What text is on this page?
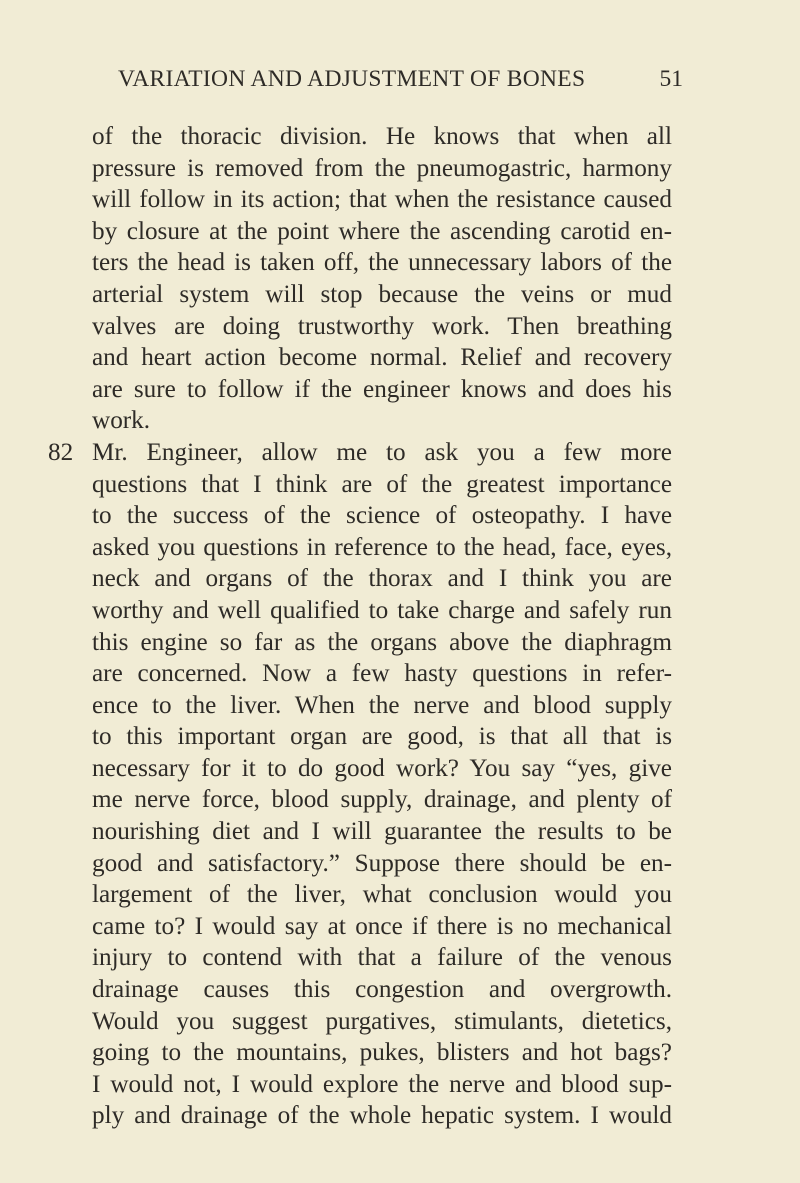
VARIATION AND ADJUSTMENT OF BONES	51
of the thoracic division. He knows that when all
pressure is removed from the pneumogastric, harmony
will follow in its action; that when the resistance caused
by closure at the point where the ascending carotid en-
ters the head is taken off, the unnecessary labors of the
arterial system will stop because the veins or mud
valves are doing trustworthy work. Then breathing
and heart action become normal. Relief and recovery
are sure to follow if the engineer knows and does his
work.
82 Mr. Engineer, allow me to ask you a few more
questions that I think are of the greatest importance
to the success of the science of osteopathy. I have
asked you questions in reference to the head, face, eyes,
neck and organs of the thorax and I think you are
worthy and well qualified to take charge and safely run
this engine so far as the organs above the diaphragm
are concerned. Now a few hasty questions in refer-
ence to the liver. When the nerve and blood supply
to this important organ are good, is that all that is
necessary for it to do good work? You say “yes, give
me nerve force, blood supply, drainage, and plenty of
nourishing diet and I will guarantee the results to be
good and satisfactory.” Suppose there should be en-
largement of the liver, what conclusion would you
came to? I would say at once if there is no mechanical
injury to contend with that a failure of the venous
drainage causes this congestion and overgrowth.
Would you suggest purgatives, stimulants, dietetics,
going to the mountains, pukes, blisters and hot bags?
I would not, I would explore the nerve and blood sup-
ply and drainage of the whole hepatic system. I would
